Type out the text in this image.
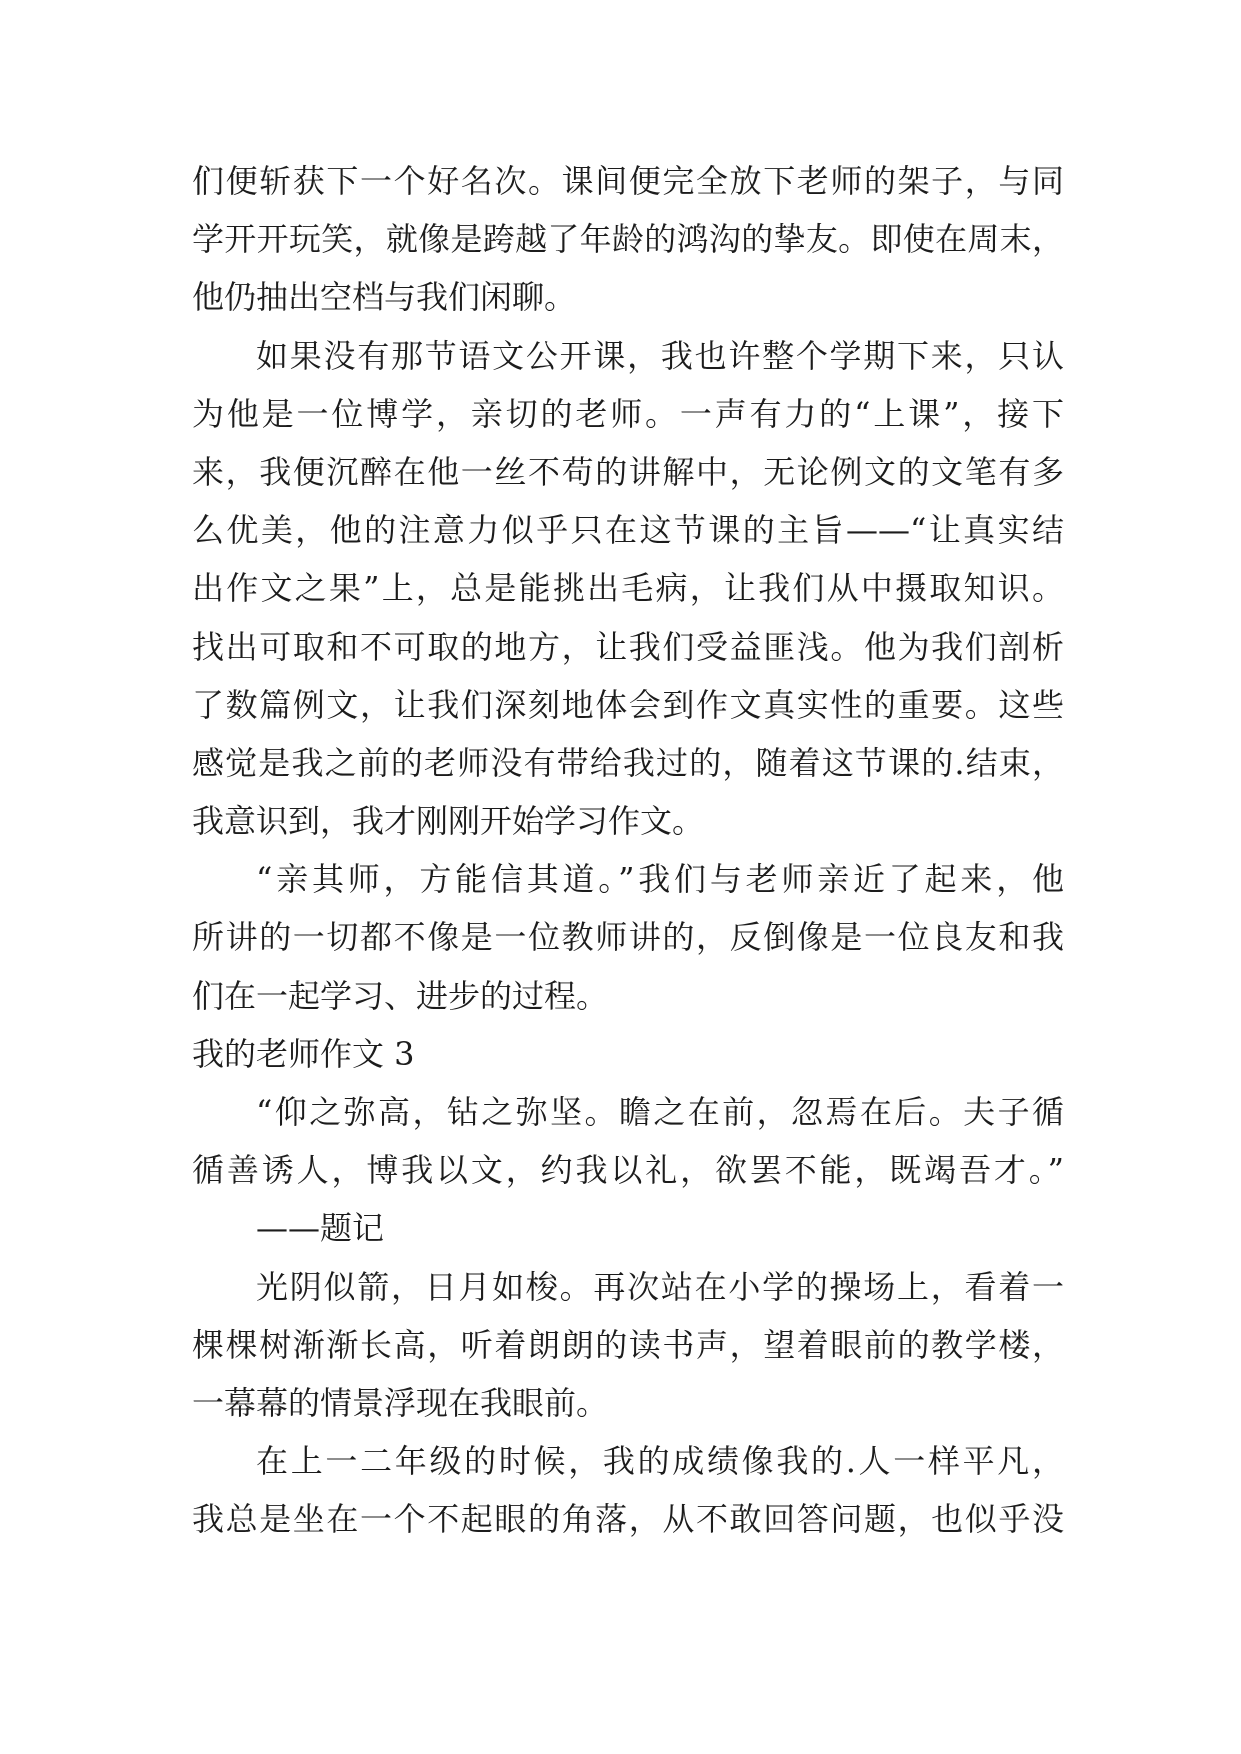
们便斩获下一个好名次。课间便完全放下老师的架子，与同
学开开玩笑，就像是跨越了年龄的鸿沟的挚友。即使在周末，
他仍抽出空档与我们闲聊。
如果没有那节语文公开课，我也许整个学期下来，只认
为他是一位博学，亲切的老师。一声有力的“上课”，接下
来，我便沉醉在他一丝不苟的讲解中，无论例文的文笔有多
么优美，他的注意力似乎只在这节课的主旨——“让真实结
出作文之果”上，总是能挑出毛病，让我们从中摄取知识。
找出可取和不可取的地方，让我们受益匪浅。他为我们剖析
了数篇例文，让我们深刻地体会到作文真实性的重要。这些
感觉是我之前的老师没有带给我过的，随着这节课的.结束，
我意识到，我才刚刚开始学习作文。
“亲其师，方能信其道。”我们与老师亲近了起来，他
所讲的一切都不像是一位教师讲的，反倒像是一位良友和我
们在一起学习、进步的过程。
我的老师作文 3
“仰之弥高，钻之弥坚。瞻之在前，忽焉在后。夫子循
循善诱人，博我以文，约我以礼，欲罢不能，既竭吾才。”
——题记
光阴似箭，日月如梭。再次站在小学的操场上，看着一
棵棵树渐渐长高，听着朗朗的读书声，望着眼前的教学楼，
一幕幕的情景浮现在我眼前。
在上一二年级的时候，我的成绩像我的.人一样平凡，
我总是坐在一个不起眼的角落，从不敢回答问题，也似乎没
